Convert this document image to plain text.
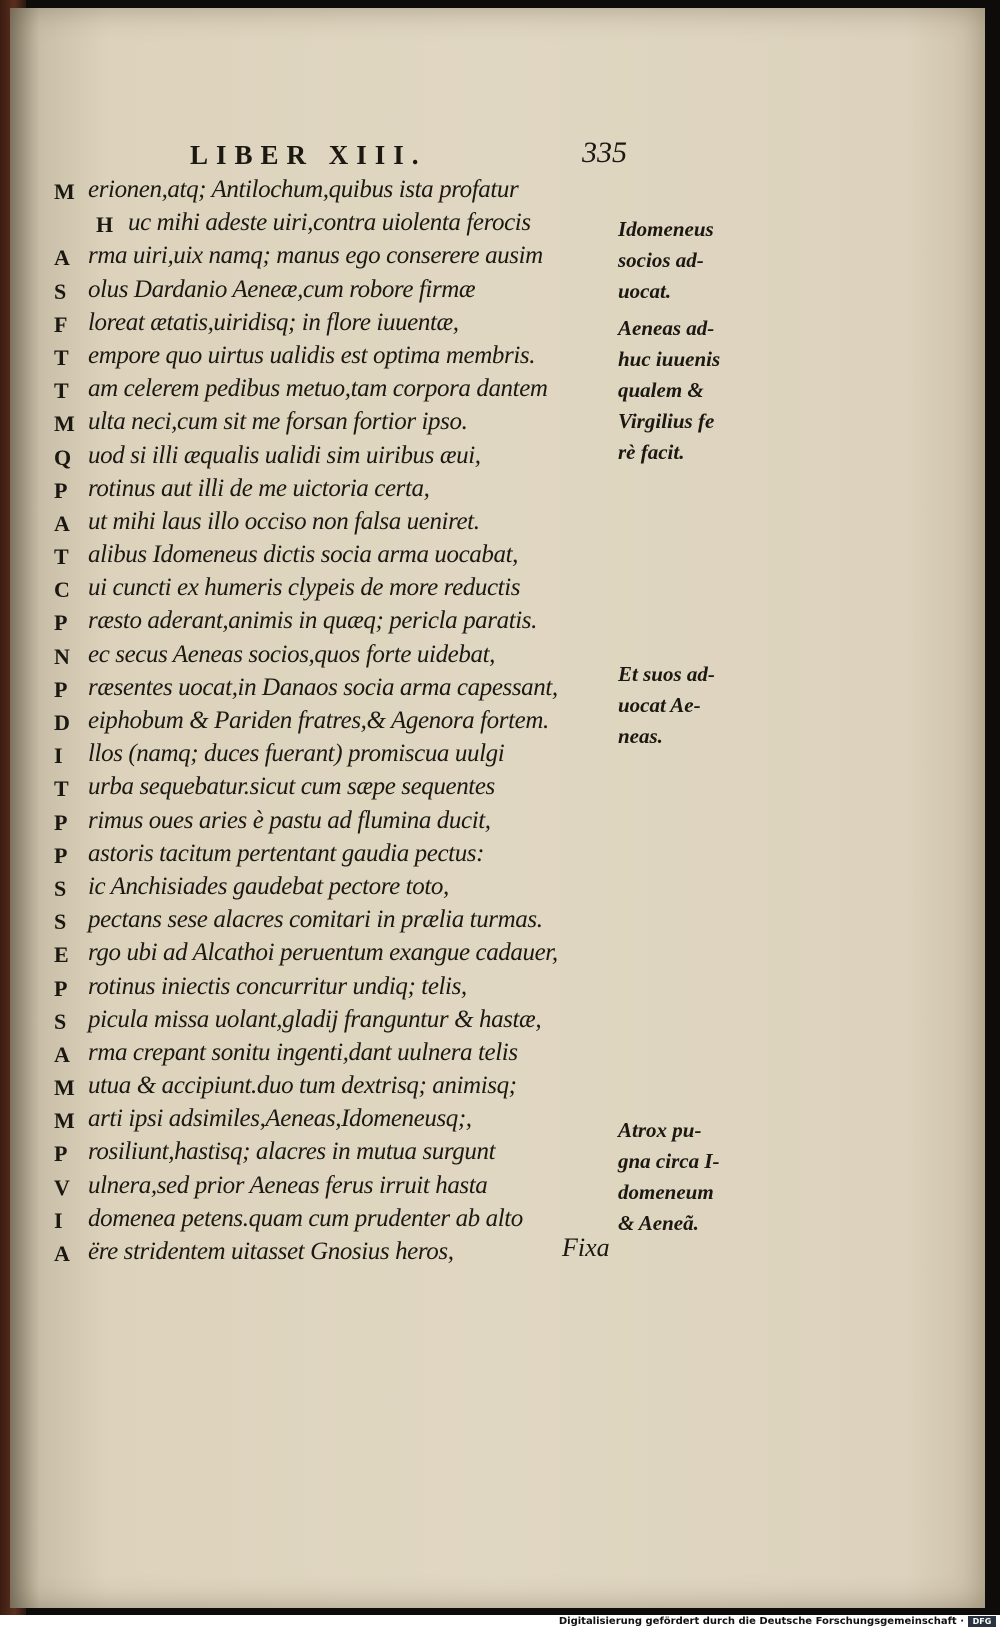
LIBER XIII.	335
M erionen,atq; Antilochum,quibus ista profatur
H uc mihi adeste uiri,contra uiolenta ferocis
A rma uiri,uix namq; manus ego conserere ausim
S olus Dardanio Aeneæ,cum robore firmæ
F loreat ætatis,uiridisq; in flore iuuentæ,
T empore quo uirtus ualidis est optima membris.
T am celerem pedibus metuo,tam corpora dantem
M ulta neci,cum sit me forsan fortior ipso.
Q uod si illi æqualis ualidi sim uiribus æui,
P rotinus aut illi de me uictoria certa,
A ut mihi laus illo occiso non falsa ueniret.
T alibus Idomeneus dictis socia arma uocabat,
C ui cuncti ex humeris clypeis de more reductis
P ræsto aderant,animis in quæq; pericla paratis.
N ec secus Aeneas socios,quos forte uidebat,
P ræsentes uocat,in Danaos socia arma capessant,
D eiphobum & Pariden fratres,& Agenora fortem.
I	llos (namq; duces fuerant) promiscua uulgi
T urba sequebatur.sicut cum sæpe sequentes
P rimus oues aries è pastu ad flumina ducit,
P astoris tacitum pertentant gaudia pectus:
S ic Anchisiades gaudebat pectore toto,
S pectans sese alacres comitari in prælia turmas.
E rgo ubi ad Alcathoi peruentum exangue cadauer,
P rotinus iniectis concurritur undiq; telis,
S picula missa uolant,gladij franguntur & hastæ,
A rma crepant sonitu ingenti,dant uulnera telis
M utua & accipiunt.duo tum dextrisq; animisq;
M arti ipsi adsimiles,Aeneas,Idomeneusq;,
P rosiliunt,hastisq; alacres in mutua surgunt
V ulnera,sed prior Aeneas ferus irruit hasta
I	domenea petens.quam cum prudenter ab alto
A ëre stridentem uitasset Gnosius heros,
Idomeneus
socios ad-
uocat.
Aeneas ad-
huc iuuenis
qualem &
Virgilius fe
rè facit.
Et suos ad-
uocat Ae-
neas.
Atrox pu-
gna circa I-
domeneum
& Aeneã.
Fixa
Digitalisierung gefördert durch die Deutsche Forschungsgemeinschaft ·	DFG
